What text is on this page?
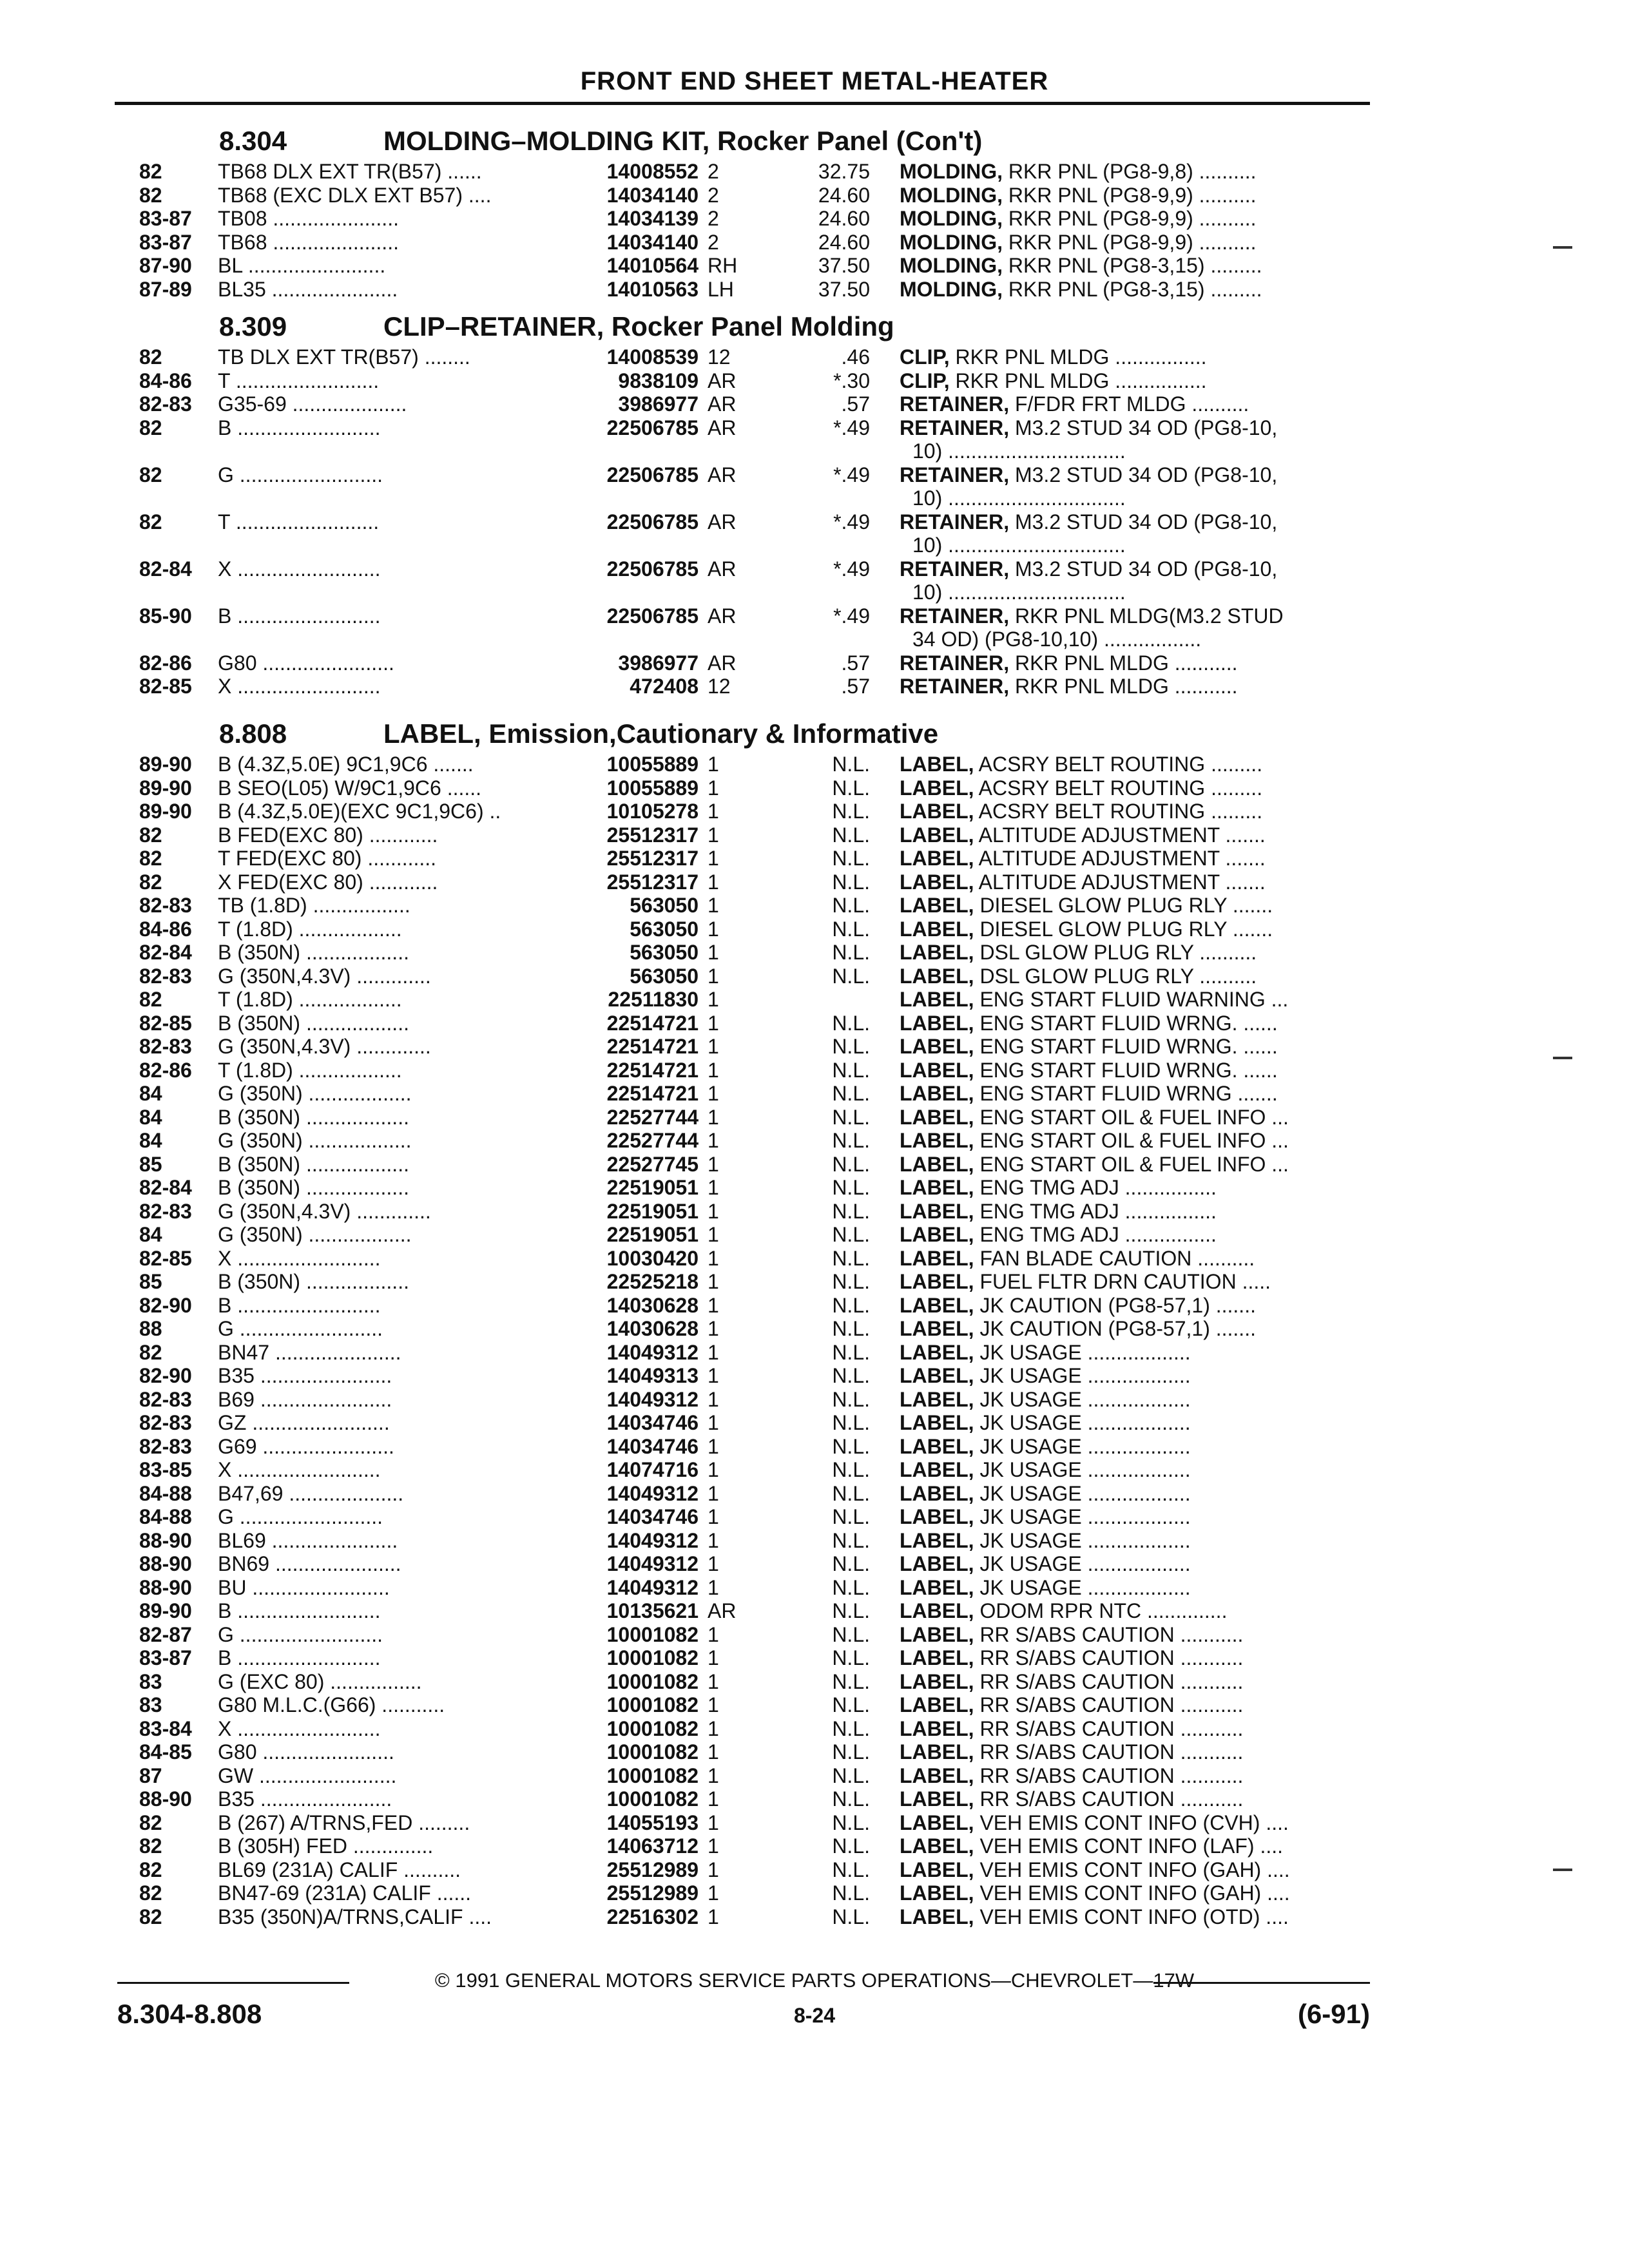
FRONT END SHEET METAL-HEATER
8.304	MOLDING–MOLDING KIT, Rocker Panel (Con't)
82	TB68 DLX EXT TR(B57) ......	14008552 2	32.75 MOLDING, RKR PNL (PG8-9,8) ..........
82	TB68 (EXC DLX EXT B57) ....	14034140 2	24.60 MOLDING, RKR PNL (PG8-9,9) ..........
83-87	TB08 ......................	14034139 2	24.60 MOLDING, RKR PNL (PG8-9,9) ..........
83-87	TB68 ......................	14034140 2	24.60 MOLDING, RKR PNL (PG8-9,9) ..........
87-90	BL ........................	14010564 RH	37.50 MOLDING, RKR PNL (PG8-3,15) .........
87-89	BL35 ......................	14010563 LH	37.50 MOLDING, RKR PNL (PG8-3,15) .........
8.309	CLIP–RETAINER, Rocker Panel Molding
82	TB DLX EXT TR(B57) ........	14008539 12	.46 CLIP, RKR PNL MLDG ................
84-86	T .........................	9838109 AR	*.30 CLIP, RKR PNL MLDG ................
82-83	G35-69 ....................	3986977 AR	.57 RETAINER, F/FDR FRT MLDG ..........
82	B .........................	22506785 AR	*.49 RETAINER, M3.2 STUD 34 OD (PG8-10,
10) ...............................
82	G .........................	22506785 AR	*.49 RETAINER, M3.2 STUD 34 OD (PG8-10,
10) ...............................
82	T .........................	22506785 AR	*.49 RETAINER, M3.2 STUD 34 OD (PG8-10,
10) ...............................
82-84	X .........................	22506785 AR	*.49 RETAINER, M3.2 STUD 34 OD (PG8-10,
10) ...............................
85-90	B .........................	22506785 AR	*.49 RETAINER, RKR PNL MLDG(M3.2 STUD
34 OD) (PG8-10,10) .................
82-86	G80 .......................	3986977 AR	.57 RETAINER, RKR PNL MLDG ...........
82-85	X .........................	472408 12	.57 RETAINER, RKR PNL MLDG ...........
8.808	LABEL, Emission,Cautionary & Informative
89-90	B (4.3Z,5.0E) 9C1,9C6 .......	10055889 1	N.L. LABEL, ACSRY BELT ROUTING .........
89-90	B SEO(L05) W/9C1,9C6 ......	10055889 1	N.L. LABEL, ACSRY BELT ROUTING .........
89-90	B (4.3Z,5.0E)(EXC 9C1,9C6) ..	10105278 1	N.L. LABEL, ACSRY BELT ROUTING .........
82	B FED(EXC 80) ............	25512317 1	N.L. LABEL, ALTITUDE ADJUSTMENT .......
82	T FED(EXC 80) ............	25512317 1	N.L. LABEL, ALTITUDE ADJUSTMENT .......
82	X FED(EXC 80) ............	25512317 1	N.L. LABEL, ALTITUDE ADJUSTMENT .......
82-83	TB (1.8D) .................	563050 1	N.L. LABEL, DIESEL GLOW PLUG RLY .......
84-86	T (1.8D) ..................	563050 1	N.L. LABEL, DIESEL GLOW PLUG RLY .......
82-84	B (350N) ..................	563050 1	N.L. LABEL, DSL GLOW PLUG RLY ..........
82-83	G (350N,4.3V) .............	563050 1	N.L. LABEL, DSL GLOW PLUG RLY ..........
82	T (1.8D) ..................	22511830 1	LABEL, ENG START FLUID WARNING ...
82-85	B (350N) ..................	22514721 1	N.L. LABEL, ENG START FLUID WRNG. ......
82-83	G (350N,4.3V) .............	22514721 1	N.L. LABEL, ENG START FLUID WRNG. ......
82-86	T (1.8D) ..................	22514721 1	N.L. LABEL, ENG START FLUID WRNG. ......
84	G (350N) ..................	22514721 1	N.L. LABEL, ENG START FLUID WRNG .......
84	B (350N) ..................	22527744 1	N.L. LABEL, ENG START OIL & FUEL INFO ...
84	G (350N) ..................	22527744 1	N.L. LABEL, ENG START OIL & FUEL INFO ...
85	B (350N) ..................	22527745 1	N.L. LABEL, ENG START OIL & FUEL INFO ...
82-84	B (350N) ..................	22519051 1	N.L. LABEL, ENG TMG ADJ ................
82-83	G (350N,4.3V) .............	22519051 1	N.L. LABEL, ENG TMG ADJ ................
84	G (350N) ..................	22519051 1	N.L. LABEL, ENG TMG ADJ ................
82-85	X .........................	10030420 1	N.L. LABEL, FAN BLADE CAUTION ..........
85	B (350N) ..................	22525218 1	N.L. LABEL, FUEL FLTR DRN CAUTION .....
82-90	B .........................	14030628 1	N.L. LABEL, JK CAUTION (PG8-57,1) .......
88	G .........................	14030628 1	N.L. LABEL, JK CAUTION (PG8-57,1) .......
82	BN47 ......................	14049312 1	N.L. LABEL, JK USAGE ..................
82-90	B35 .......................	14049313 1	N.L. LABEL, JK USAGE ..................
82-83	B69 .......................	14049312 1	N.L. LABEL, JK USAGE ..................
82-83	GZ ........................	14034746 1	N.L. LABEL, JK USAGE ..................
82-83	G69 .......................	14034746 1	N.L. LABEL, JK USAGE ..................
83-85	X .........................	14074716 1	N.L. LABEL, JK USAGE ..................
84-88	B47,69 ....................	14049312 1	N.L. LABEL, JK USAGE ..................
84-88	G .........................	14034746 1	N.L. LABEL, JK USAGE ..................
88-90	BL69 ......................	14049312 1	N.L. LABEL, JK USAGE ..................
88-90	BN69 ......................	14049312 1	N.L. LABEL, JK USAGE ..................
88-90	BU ........................	14049312 1	N.L. LABEL, JK USAGE ..................
89-90	B .........................	10135621 AR	N.L. LABEL, ODOM RPR NTC ..............
82-87	G .........................	10001082 1	N.L. LABEL, RR S/ABS CAUTION ...........
83-87	B .........................	10001082 1	N.L. LABEL, RR S/ABS CAUTION ...........
83	G (EXC 80) ................	10001082 1	N.L. LABEL, RR S/ABS CAUTION ...........
83	G80 M.L.C.(G66) ...........	10001082 1	N.L. LABEL, RR S/ABS CAUTION ...........
83-84	X .........................	10001082 1	N.L. LABEL, RR S/ABS CAUTION ...........
84-85	G80 .......................	10001082 1	N.L. LABEL, RR S/ABS CAUTION ...........
87	GW ........................	10001082 1	N.L. LABEL, RR S/ABS CAUTION ...........
88-90	B35 .......................	10001082 1	N.L. LABEL, RR S/ABS CAUTION ...........
82	B (267) A/TRNS,FED .........	14055193 1	N.L. LABEL, VEH EMIS CONT INFO (CVH) ....
82	B (305H) FED ..............	14063712 1	N.L. LABEL, VEH EMIS CONT INFO (LAF) ....
82	BL69 (231A) CALIF ..........	25512989 1	N.L. LABEL, VEH EMIS CONT INFO (GAH) ....
82	BN47-69 (231A) CALIF ......	25512989 1	N.L. LABEL, VEH EMIS CONT INFO (GAH) ....
82	B35 (350N)A/TRNS,CALIF ....	22516302 1	N.L. LABEL, VEH EMIS CONT INFO (OTD) ....
© 1991 GENERAL MOTORS SERVICE PARTS OPERATIONS—CHEVROLET—17W
8.304-8.808	8-24	(6-91)
